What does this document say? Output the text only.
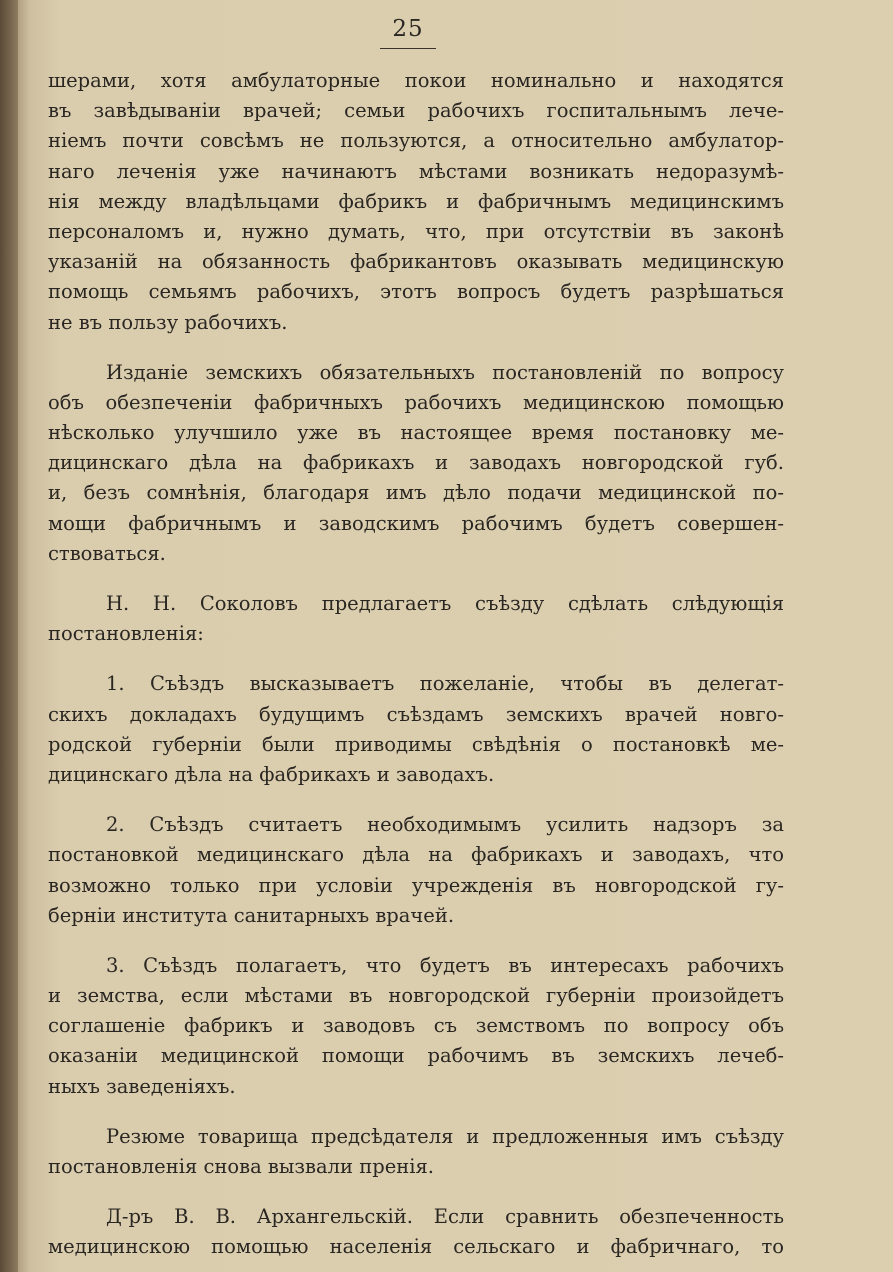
25
шерами, хотя амбулаторные покои номинально и находятся
въ завѣдываніи врачей; семьи рабочихъ госпитальнымъ лече-
ніемъ почти совсѣмъ не пользуются, а относительно амбулатор-
наго леченія уже начинаютъ мѣстами возникать недоразумѣ-
нія между владѣльцами фабрикъ и фабричнымъ медицинскимъ
персоналомъ и, нужно думать, что, при отсутствіи въ законѣ
указаній на обязанность фабрикантовъ оказывать медицинскую
помощь семьямъ рабочихъ, этотъ вопросъ будетъ разрѣшаться
не въ пользу рабочихъ.
Изданіе земскихъ обязательныхъ постановленій по вопросу
объ обезпеченіи фабричныхъ рабочихъ медицинскою помощью
нѣсколько улучшило уже въ настоящее время постановку ме-
дицинскаго дѣла на фабрикахъ и заводахъ новгородской губ.
и, безъ сомнѣнія, благодаря имъ дѣло подачи медицинской по-
мощи фабричнымъ и заводскимъ рабочимъ будетъ совершен-
ствоваться.
Н. Н. Соколовъ предлагаетъ съѣзду сдѣлать слѣдующія
постановленія:
1. Съѣздъ высказываетъ пожеланіе, чтобы въ делегат-
скихъ докладахъ будущимъ съѣздамъ земскихъ врачей новго-
родской губерніи были приводимы свѣдѣнія о постановкѣ ме-
дицинскаго дѣла на фабрикахъ и заводахъ.
2. Съѣздъ считаетъ необходимымъ усилить надзоръ за
постановкой медицинскаго дѣла на фабрикахъ и заводахъ, что
возможно только при условіи учрежденія въ новгородской гу-
берніи института санитарныхъ врачей.
3. Съѣздъ полагаетъ, что будетъ въ интересахъ рабочихъ
и земства, если мѣстами въ новгородской губерніи произойдетъ
соглашеніе фабрикъ и заводовъ съ земствомъ по вопросу объ
оказаніи медицинской помощи рабочимъ въ земскихъ лечеб-
ныхъ заведеніяхъ.
Резюме товарища предсѣдателя и предложенныя имъ съѣзду
постановленія снова вызвали пренія.
Д-ръ В. В. Архангельскій. Если сравнить обезпеченность
медицинскою помощью населенія сельскаго и фабричнаго, то
